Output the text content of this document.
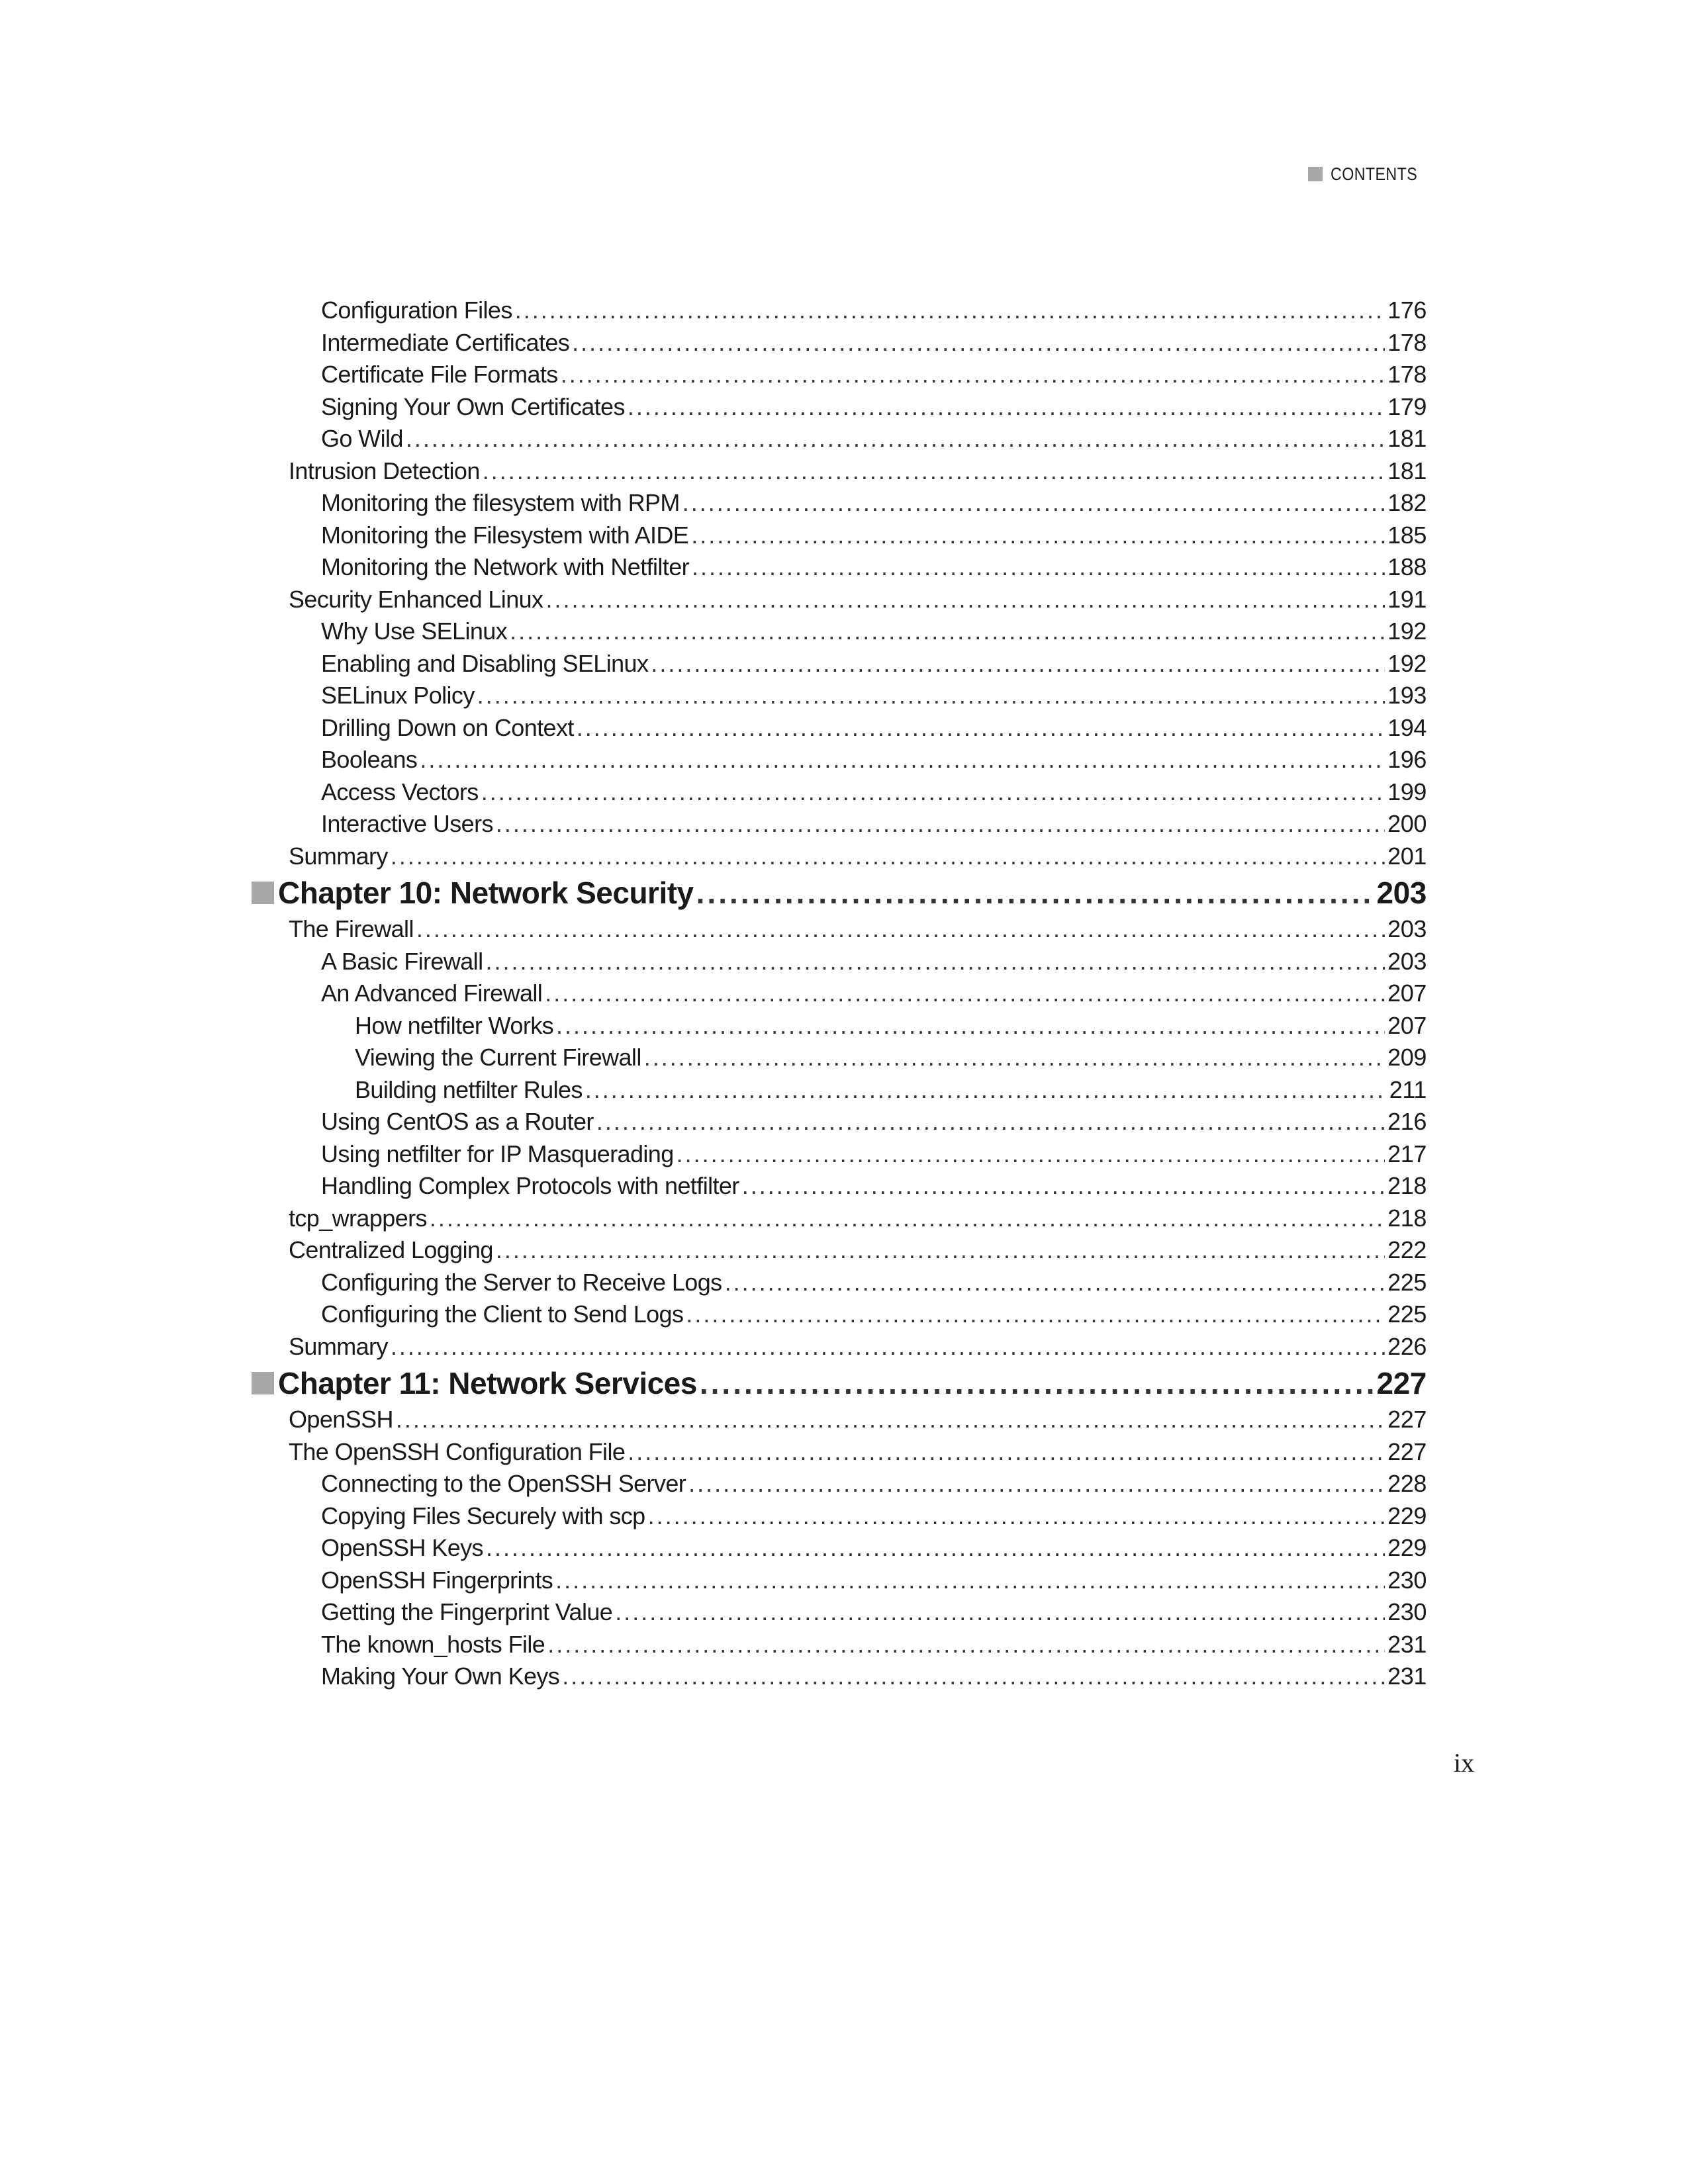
CONTENTS
Configuration Files .....	176
Intermediate Certificates .....	178
Certificate File Formats .....	178
Signing Your Own Certificates .....	179
Go Wild .....	181
Intrusion Detection .....	181
Monitoring the filesystem with RPM .....	182
Monitoring the Filesystem with AIDE .....	185
Monitoring the Network with Netfilter .....	188
Security Enhanced Linux .....	191
Why Use SELinux .....	192
Enabling and Disabling SELinux .....	192
SELinux Policy .....	193
Drilling Down on Context .....	194
Booleans .....	196
Access Vectors .....	199
Interactive Users .....	200
Summary .....	201
Chapter 10: Network Security .....	203
The Firewall .....	203
A Basic Firewall .....	203
An Advanced Firewall .....	207
How netfilter Works .....	207
Viewing the Current Firewall .....	209
Building netfilter Rules .....	211
Using CentOS as a Router .....	216
Using netfilter for IP Masquerading .....	217
Handling Complex Protocols with netfilter .....	218
tcp_wrappers .....	218
Centralized Logging .....	222
Configuring the Server to Receive Logs .....	225
Configuring the Client to Send Logs .....	225
Summary .....	226
Chapter 11: Network Services .....	227
OpenSSH .....	227
The OpenSSH Configuration File .....	227
Connecting to the OpenSSH Server .....	228
Copying Files Securely with scp .....	229
OpenSSH Keys .....	229
OpenSSH Fingerprints .....	230
Getting the Fingerprint Value .....	230
The known_hosts File .....	231
Making Your Own Keys .....	231
ix
